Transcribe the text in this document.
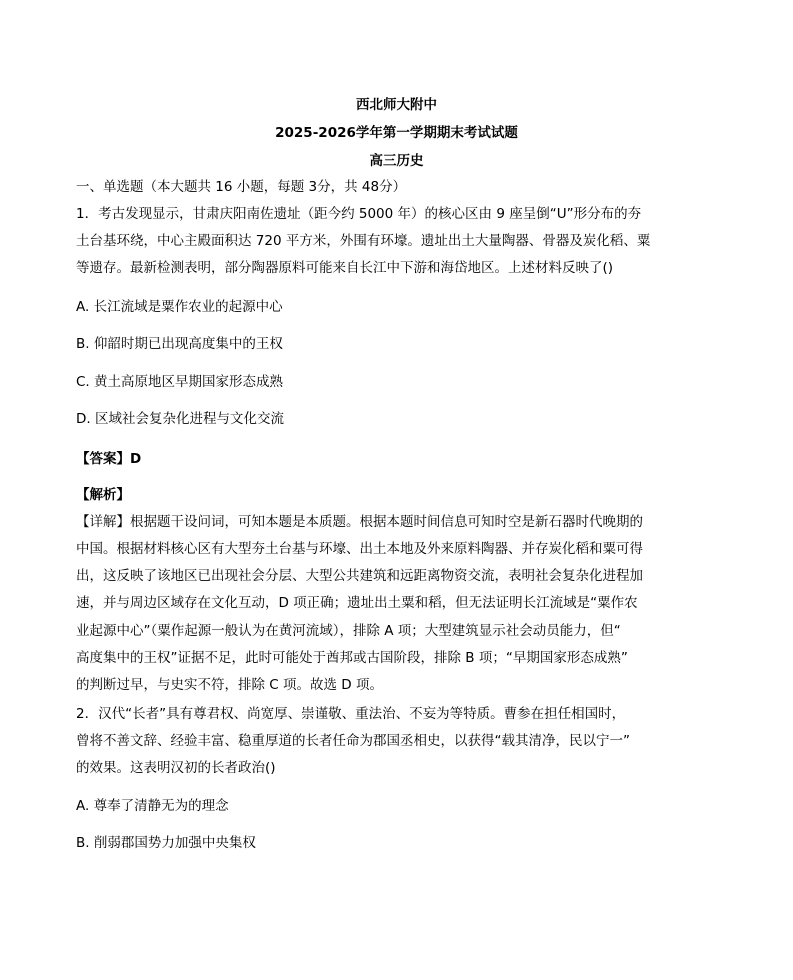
西北师大附中
2025-2026学年第一学期期末考试试题
高三历史
一、单选题（本大题共 16 小题，每题 3分，共 48分）
1．考古发现显示，甘肃庆阳南佐遗址（距今约 5000 年）的核心区由 9 座呈倒“U”形分布的夯
土台基环绕，中心主殿面积达 720 平方米，外围有环壕。遗址出土大量陶器、骨器及炭化稻、粟
等遗存。最新检测表明，部分陶器原料可能来自长江中下游和海岱地区。上述材料反映了()
A. 长江流域是粟作农业的起源中心
B. 仰韶时期已出现高度集中的王权
C. 黄土高原地区早期国家形态成熟
D. 区域社会复杂化进程与文化交流
【答案】D
【解析】
【详解】根据题干设问词，可知本题是本质题。根据本题时间信息可知时空是新石器时代晚期的
中国。根据材料核心区有大型夯土台基与环壕、出土本地及外来原料陶器、并存炭化稻和粟可得
出，这反映了该地区已出现社会分层、大型公共建筑和远距离物资交流，表明社会复杂化进程加
速，并与周边区域存在文化互动，D 项正确；遗址出土粟和稻，但无法证明长江流域是“粟作农
业起源中心”（粟作起源一般认为在黄河流域），排除 A 项；大型建筑显示社会动员能力，但“
高度集中的王权”证据不足，此时可能处于酋邦或古国阶段，排除 B 项；“早期国家形态成熟”
的判断过早，与史实不符，排除 C 项。故选 D 项。
2．汉代“长者”具有尊君权、尚宽厚、崇谨敬、重法治、不妄为等特质。曹参在担任相国时，
曾将不善文辞、经验丰富、稳重厚道的长者任命为郡国丞相史，以获得“载其清净，民以宁一”
的效果。这表明汉初的长者政治()
A. 尊奉了清静无为的理念
B. 削弱郡国势力加强中央集权
